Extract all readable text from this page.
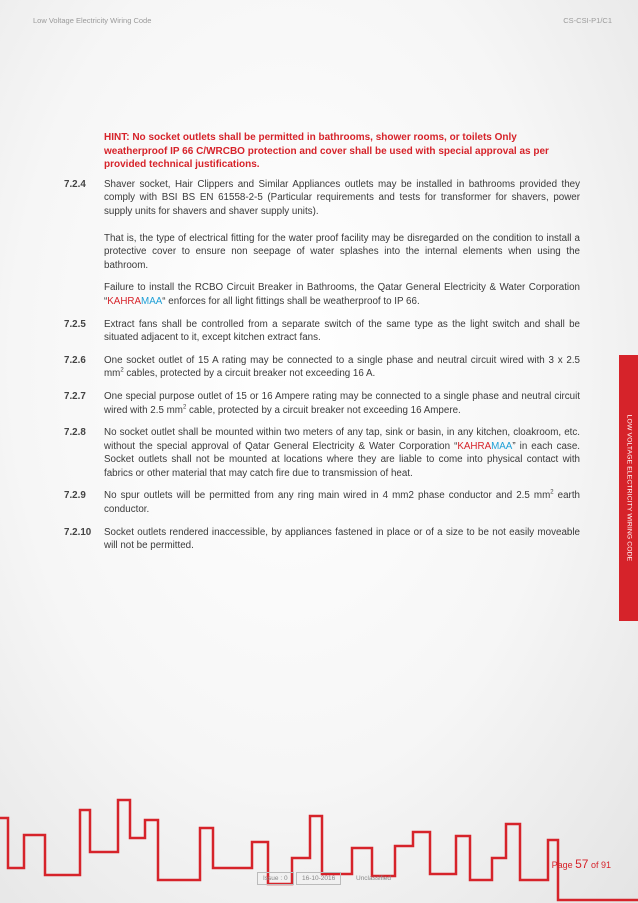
Low Voltage Electricity Wiring Code	CS-CSI-P1/C1
HINT: No socket outlets shall be permitted in bathrooms, shower rooms, or toilets Only weatherproof IP 66 C/WRCBO protection and cover shall be used with special approval as per provided technical justifications.
7.2.4	Shaver socket, Hair Clippers and Similar Appliances outlets may be installed in bathrooms provided they comply with BSI BS EN 61558-2-5 (Particular requirements and tests for transformer for shavers, power supply units for shavers and shaver supply units).
That is, the type of electrical fitting for the water proof facility may be disregarded on the condition to install a protective cover to ensure non seepage of water splashes into the internal elements when using the bathroom.
Failure to install the RCBO Circuit Breaker in Bathrooms, the Qatar General Electricity & Water Corporation “KAHRAMAA“ enforces for all light fittings shall be weatherproof to IP 66.
7.2.5	Extract fans shall be controlled from a separate switch of the same type as the light switch and shall be situated adjacent to it, except kitchen extract fans.
7.2.6	One socket outlet of 15 A rating may be connected to a single phase and neutral circuit wired with 3 x 2.5 $mm^2$ cables, protected by a circuit breaker not exceeding 16 A.
7.2.7	One special purpose outlet of 15 or 16 Ampere rating may be connected to a single phase and neutral circuit wired with 2.5 $mm^2$ cable, protected by a circuit breaker not exceeding 16 Ampere.
7.2.8	No socket outlet shall be mounted within two meters of any tap, sink or basin, in any kitchen, cloakroom, etc. without the special approval of Qatar General Electricity & Water Corporation “KAHRAMAA” in each case. Socket outlets shall not be mounted at locations where they are liable to come into physical contact with fabrics or other material that may catch fire due to transmission of heat.
7.2.9	No spur outlets will be permitted from any ring main wired in 4 mm2 phase conductor and 2.5 $mm^2$ earth conductor.
7.2.10	Socket outlets rendered inaccessible, by appliances fastened in place or of a size to be not easily moveable will not be permitted.	LOW VOLTAGE ELECTRICITY WIRING CODE
Page 57 of 91
Issue : 0	16-10-2016	Unclassified
